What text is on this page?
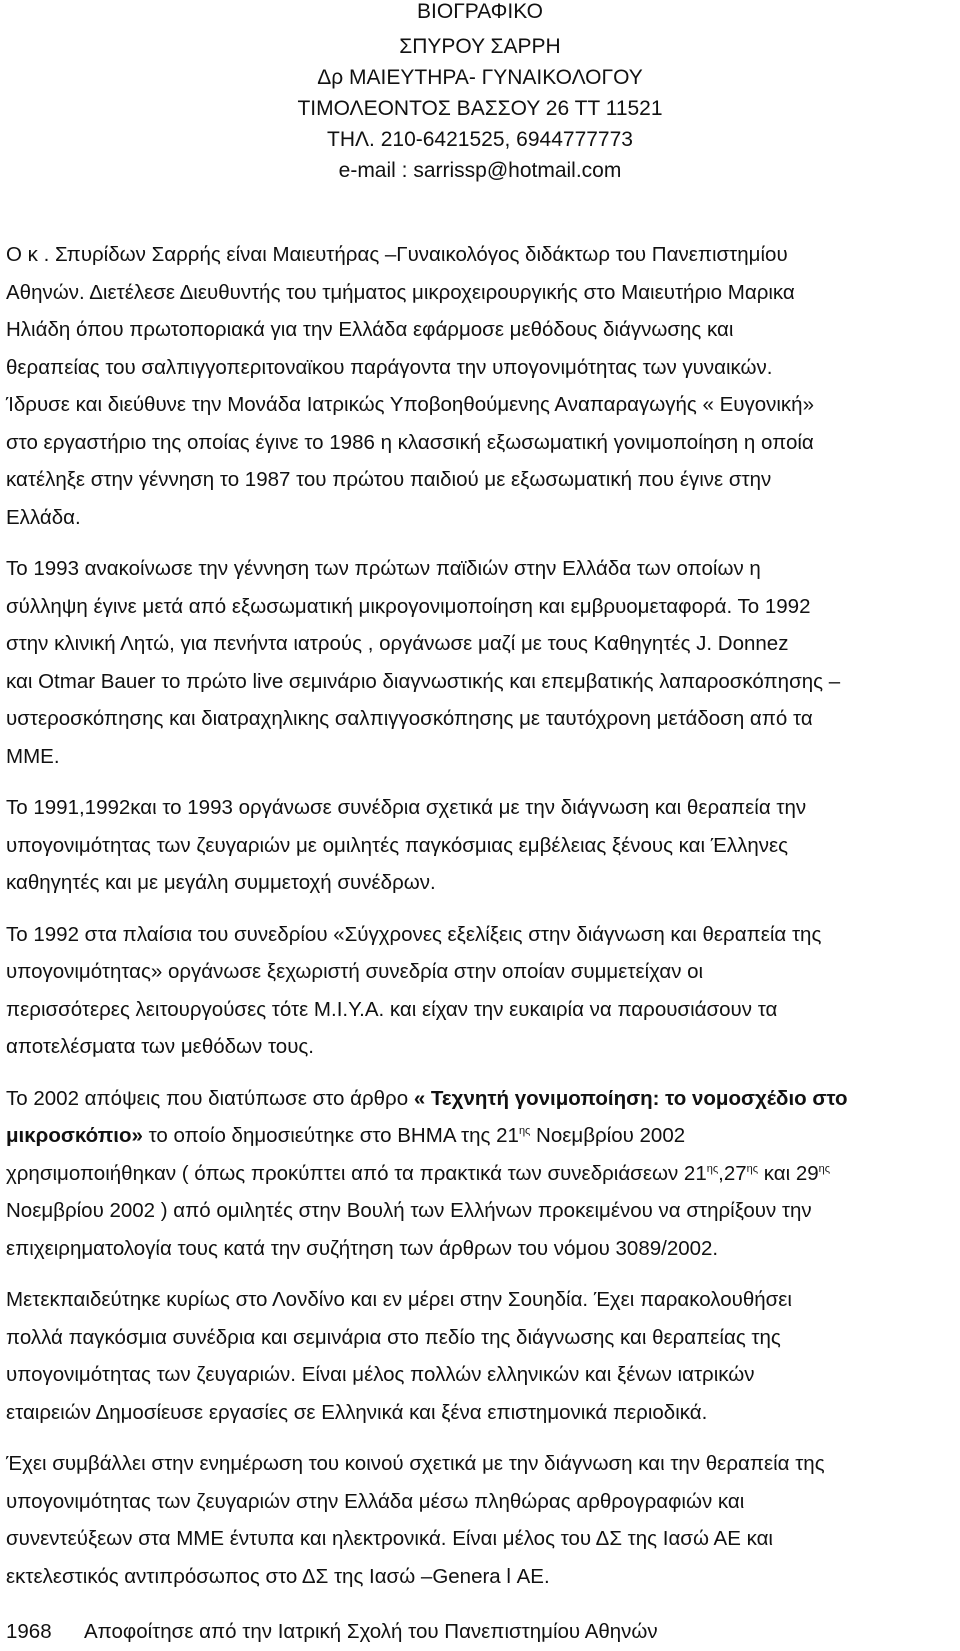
ΒΙΟΓΡΑΦΙΚΟ
ΣΠΥΡΟΥ ΣΑΡΡΗ
Δρ ΜΑΙΕΥΤΗΡΑ- ΓΥΝΑΙΚΟΛΟΓΟΥ
ΤΙΜΟΛΕΟΝΤΟΣ ΒΑΣΣΟΥ 26 ΤΤ 11521
ΤΗΛ. 210-6421525, 6944777773
e-mail : sarrissp@hotmail.com

Ο κ . Σπυρίδων Σαρρής είναι Μαιευτήρας –Γυναικολόγος διδάκτωρ του Πανεπιστημίου
Αθηνών. Διετέλεσε Διευθυντής του τμήματος μικροχειρουργικής στο Μαιευτήριο Μαρικα
Ηλιάδη όπου πρωτοποριακά για την Ελλάδα εφάρμοσε μεθόδους διάγνωσης και
θεραπείας του σαλπιγγοπεριτοναϊκου παράγοντα την υπογονιμότητας των γυναικών.
Ίδρυσε και διεύθυνε την Μονάδα Ιατρικώς Υποβοηθούμενης Αναπαραγωγής « Ευγονική»
στο εργαστήριο της οποίας έγινε το 1986 η κλασσική εξωσωματική γονιμοποίηση η οποία
κατέληξε στην γέννηση το 1987 του πρώτου παιδιού με εξωσωματική που έγινε στην
Ελλάδα.

Το 1993 ανακοίνωσε την γέννηση των πρώτων παϊδιών στην Ελλάδα των οποίων η
σύλληψη έγινε μετά από εξωσωματική μικρογονιμοποίηση και εμβρυομεταφορά. Το 1992
στην κλινική Λητώ, για πενήντα ιατρούς , οργάνωσε μαζί με τους Καθηγητές J. Donnez
και Otmar Bauer το πρώτο live σεμινάριο διαγνωστικής και επεμβατικής λαπαροσκόπησης –
υστεροσκόπησης και διατραχηλικης σαλπιγγοσκόπησης με ταυτόχρονη μετάδοση από τα
ΜΜΕ.

Το 1991,1992και το 1993 οργάνωσε συνέδρια σχετικά με την διάγνωση και θεραπεία την
υπογονιμότητας των ζευγαριών με ομιλητές παγκόσμιας εμβέλειας ξένους και Έλληνες
καθηγητές και με μεγάλη συμμετοχή συνέδρων.

Το 1992 στα πλαίσια του συνεδρίου «Σύγχρονες εξελίξεις στην διάγνωση και θεραπεία της
υπογονιμότητας» οργάνωσε ξεχωριστή συνεδρία στην οποίαν συμμετείχαν οι
περισσότερες λειτουργούσες τότε Μ.Ι.Υ.Α. και είχαν την ευκαιρία να παρουσιάσουν τα
αποτελέσματα των μεθόδων τους.

Το 2002 απόψεις που διατύπωσε στο άρθρο « Τεχνητή γονιμοποίηση: το νομοσχέδιο στο
μικροσκόπιο» το οποίο δημοσιεύτηκε στο ΒΗΜΑ της $21^{\eta\varsigma}$ Νοεμβρίου 2002
χρησιμοποιήθηκαν ( όπως προκύπτει από τα πρακτικά των συνεδριάσεων $21^{\eta\varsigma},27^{\eta\varsigma}$ και $29^{\eta\varsigma}$
Νοεμβρίου 2002 ) από ομιλητές στην Βουλή των Ελλήνων προκειμένου να στηρίξουν την
επιχειρηματολογία τους κατά την συζήτηση των άρθρων του νόμου 3089/2002.

Μετεκπαιδεύτηκε κυρίως στο Λονδίνο και εν μέρει στην Σουηδία. Έχει παρακολουθήσει
πολλά παγκόσμια συνέδρια και σεμινάρια στο πεδίο της διάγνωσης και θεραπείας της
υπογονιμότητας των ζευγαριών. Είναι μέλος πολλών ελληνικών και ξένων ιατρικών
εταιρειών Δημοσίευσε εργασίες σε Ελληνικά και ξένα επιστημονικά περιοδικά.

Έχει συμβάλλει στην ενημέρωση του κοινού σχετικά με την διάγνωση και την θεραπεία της
υπογονιμότητας των ζευγαριών στην Ελλάδα μέσω πληθώρας αρθρογραφιών και
συνεντεύξεων στα ΜΜΕ έντυπα και ηλεκτρονικά. Είναι μέλος του ΔΣ της Ιασώ ΑΕ και
εκτελεστικός αντιπρόσωπος στο ΔΣ της Ιασώ –Genera l ΑΕ.

1968 Αποφοίτησε από την Ιατρική Σχολή του Πανεπιστημίου Αθηνών
